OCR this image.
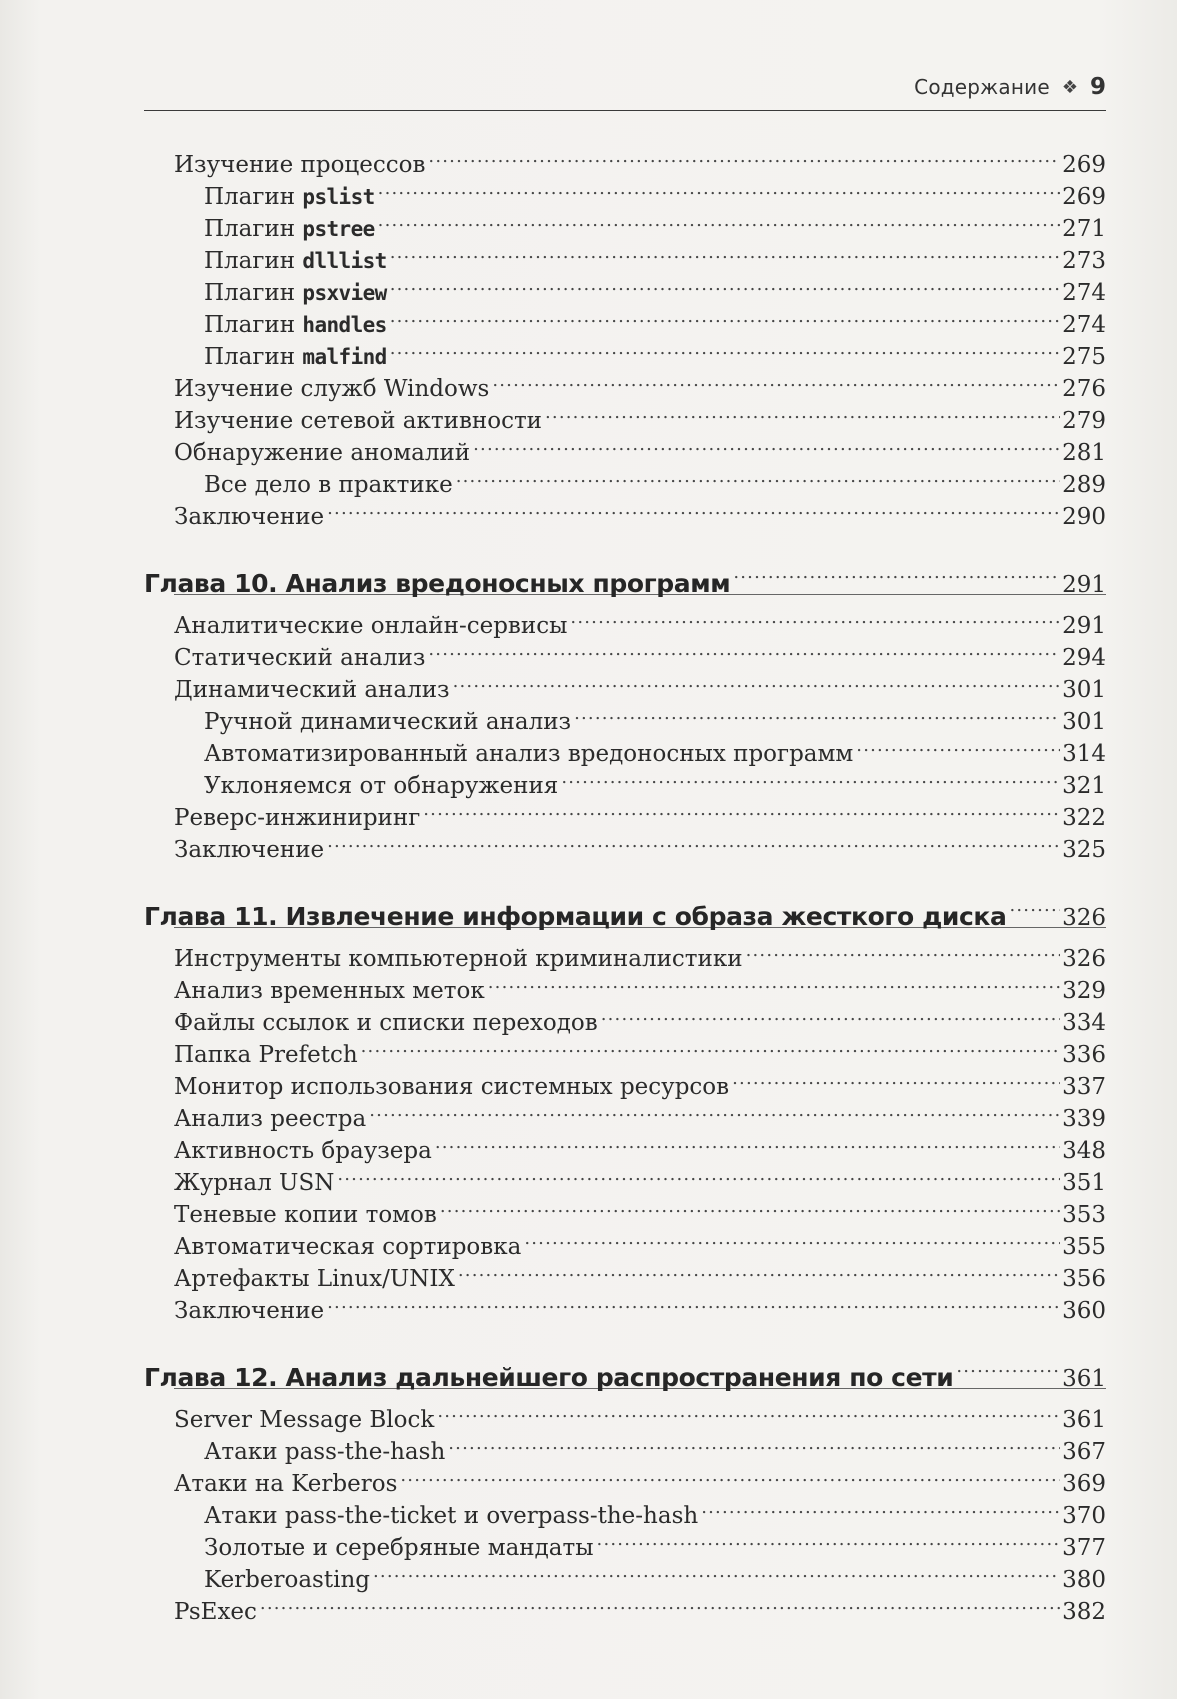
Содержание ❖ 9
Изучение процессов .....	269
Плагин pslist .....	269
Плагин pstree .....	271
Плагин dlllist .....	273
Плагин psxview .....	274
Плагин handles .....	274
Плагин malfind .....	275
Изучение служб Windows .....	276
Изучение сетевой активности .....	279
Обнаружение аномалий .....	281
Все дело в практике .....	289
Заключение .....	290
Глава 10. Анализ вредоносных программ .....	291
Аналитические онлайн-сервисы .....	291
Статический анализ .....	294
Динамический анализ .....	301
Ручной динамический анализ .....	301
Автоматизированный анализ вредоносных программ .....	314
Уклоняемся от обнаружения .....	321
Реверс-инжиниринг .....	322
Заключение .....	325
Глава 11. Извлечение информации с образа жесткого диска ..... 326
Инструменты компьютерной криминалистики .....	326
Анализ временных меток .....	329
Файлы ссылок и списки переходов .....	334
Папка Prefetch .....	336
Монитор использования системных ресурсов .....	337
Анализ реестра .....	339
Активность браузера .....	348
Журнал USN .....	351
Теневые копии томов .....	353
Автоматическая сортировка .....	355
Артефакты Linux/UNIX .....	356
Заключение .....	360
Глава 12. Анализ дальнейшего распространения по сети .....	361
Server Message Block .....	361
Атаки pass-the-hash .....	367
Атаки на Kerberos .....	369
Атаки pass-the-ticket и overpass-the-hash .....	370
Золотые и серебряные мандаты .....	377
Kerberoasting .....	380
PsExec .....	382
